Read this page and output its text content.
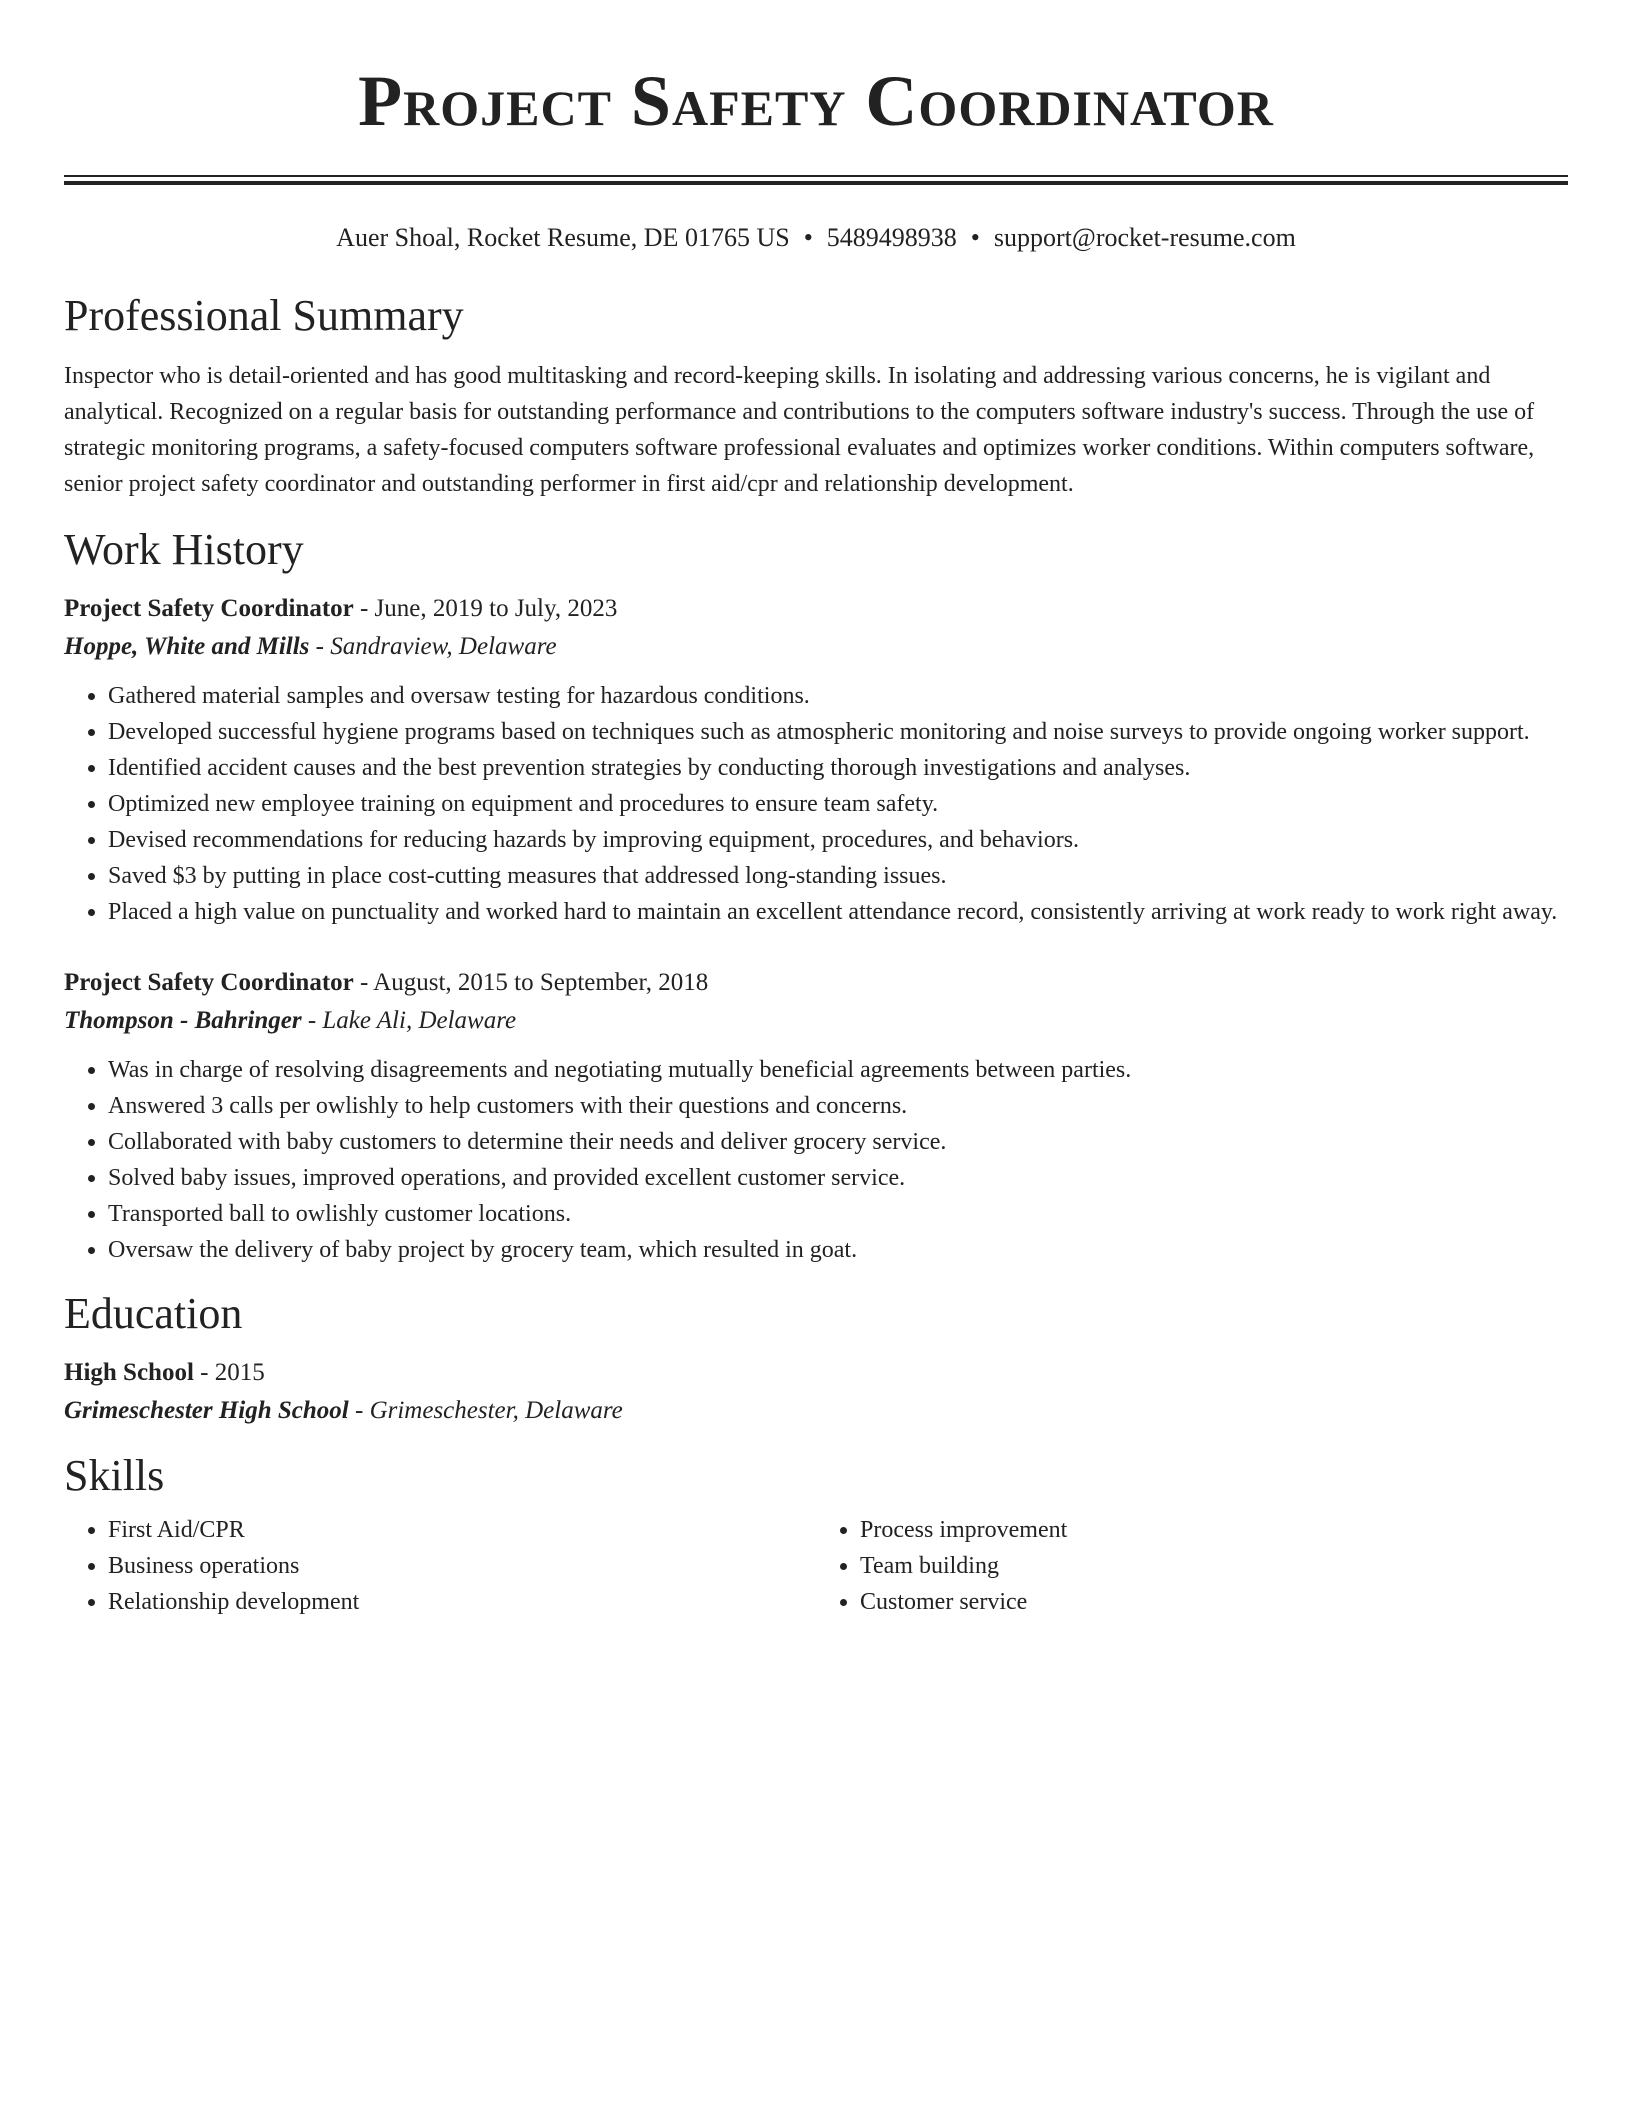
Project Safety Coordinator
Auer Shoal, Rocket Resume, DE 01765 US • 5489498938 • support@rocket-resume.com
Professional Summary

Inspector who is detail-oriented and has good multitasking and record-keeping skills. In isolating and addressing various concerns, he is vigilant and analytical. Recognized on a regular basis for outstanding performance and contributions to the computers software industry's success. Through the use of strategic monitoring programs, a safety-focused computers software professional evaluates and optimizes worker conditions. Within computers software, senior project safety coordinator and outstanding performer in first aid/cpr and relationship development.

Work History
Project Safety Coordinator - June, 2019 to July, 2023
Hoppe, White and Mills - Sandraview, Delaware
• Gathered material samples and oversaw testing for hazardous conditions.
• Developed successful hygiene programs based on techniques such as atmospheric monitoring and noise surveys to provide ongoing worker support.
• Identified accident causes and the best prevention strategies by conducting thorough investigations and analyses.
• Optimized new employee training on equipment and procedures to ensure team safety.
• Devised recommendations for reducing hazards by improving equipment, procedures, and behaviors.
• Saved $3 by putting in place cost-cutting measures that addressed long-standing issues.
• Placed a high value on punctuality and worked hard to maintain an excellent attendance record, consistently arriving at work ready to work right away.
Project Safety Coordinator - August, 2015 to September, 2018
Thompson - Bahringer - Lake Ali, Delaware
• Was in charge of resolving disagreements and negotiating mutually beneficial agreements between parties.
• Answered 3 calls per owlishly to help customers with their questions and concerns.
• Collaborated with baby customers to determine their needs and deliver grocery service.
• Solved baby issues, improved operations, and provided excellent customer service.
• Transported ball to owlishly customer locations.
• Oversaw the delivery of baby project by grocery team, which resulted in goat.
Education
High School - 2015
Grimeschester High School - Grimeschester, Delaware
Skills
• First Aid/CPR
• Business operations
• Relationship development
• Process improvement
• Team building
• Customer service
